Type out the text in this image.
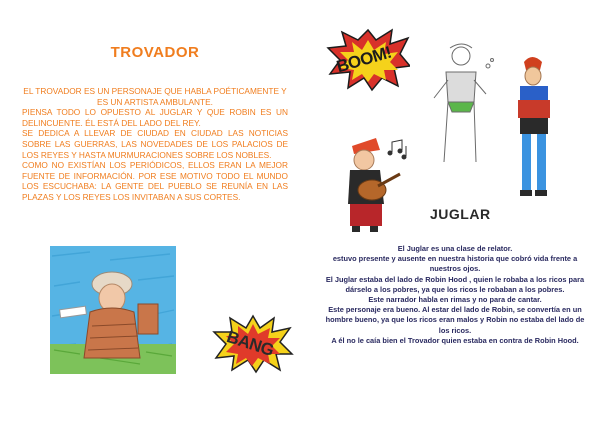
TROVADOR

EL TROVADOR ES UN PERSONAJE QUE HABLA POÉTICAMENTE Y ES UN ARTISTA AMBULANTE.

PIENSA TODO LO OPUESTO AL JUGLAR Y QUE ROBIN ES UN DELINCUENTE. ÉL ESTÁ DEL LADO DEL REY.

SE DEDICA A LLEVAR DE CIUDAD EN CIUDAD LAS NOTICIAS SOBRE LAS GUERRAS, LAS NOVEDADES DE LOS PALACIOS DE LOS REYES Y HASTA MURMURACIONES SOBRE LOS NOBLES.

COMO NO EXISTÍAN LOS PERIÓDICOS, ELLOS ERAN LA MEJOR FUENTE DE INFORMACIÓN. POR ESE MOTIVO TODO EL MUNDO LOS ESCUCHABA: LA GENTE DEL PUEBLO SE REUNÍA EN LAS PLAZAS Y LOS REYES LOS INVITABAN A SUS CORTES.

BANG
BOOM!
JUGLAR

El Juglar es una clase de relator.

estuvo presente y ausente en nuestra historia que cobró vida frente a nuestros ojos.

El Juglar estaba del lado de Robin Hood , quien le robaba a los ricos para dárselo a los pobres, ya que los ricos le robaban a los pobres.

Este narrador habla en rimas y no para de cantar.

Este personaje era bueno. Al estar del lado de Robin, se convertía en un hombre bueno, ya que los ricos eran malos y Robin no estaba del lado de los ricos.

A él no le caía bien el Trovador quien estaba en contra de Robin Hood.
